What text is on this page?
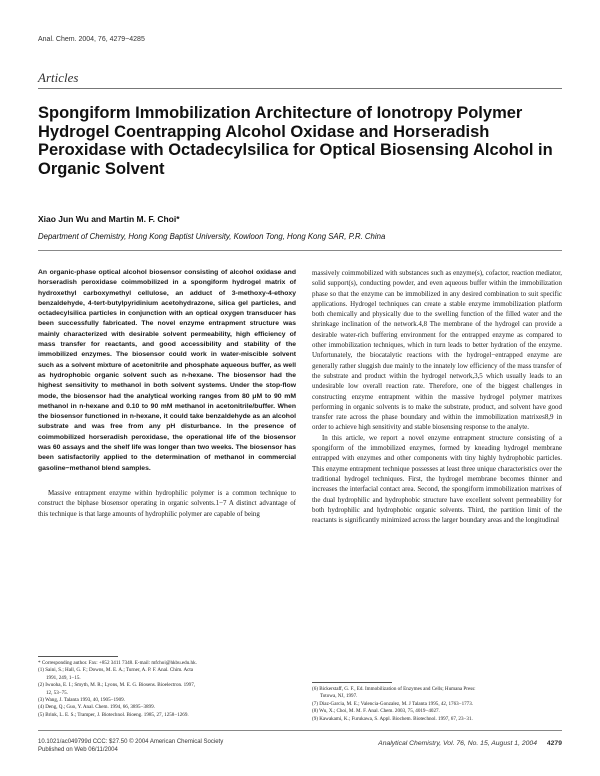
Anal. Chem. 2004, 76, 4279−4285
Articles
Spongiform Immobilization Architecture of Ionotropy Polymer Hydrogel Coentrapping Alcohol Oxidase and Horseradish Peroxidase with Octadecylsilica for Optical Biosensing Alcohol in Organic Solvent
Xiao Jun Wu and Martin M. F. Choi*
Department of Chemistry, Hong Kong Baptist University, Kowloon Tong, Hong Kong SAR, P.R. China

An organic-phase optical alcohol biosensor consisting of alcohol oxidase and horseradish peroxidase coimmobilized in a spongiform hydrogel matrix of hydroxethyl carboxymethyl cellulose, an adduct of 3-methoxy-4-ethoxy benzaldehyde, 4-tert-butylpyridinium acetohydrazone, silica gel particles, and octadecylsilica particles in conjunction with an optical oxygen transducer has been successfully fabricated. The novel enzyme entrapment structure was mainly characterized with desirable solvent permeability, high efficiency of mass transfer for reactants, and good accessibility and stability of the immobilized enzymes. The biosensor could work in water-miscible solvent such as a solvent mixture of acetonitrile and phosphate aqueous buffer, as well as hydrophobic organic solvent such as n-hexane. The biosensor had the highest sensitivity to methanol in both solvent systems. Under the stop-flow mode, the biosensor had the analytical working ranges from 80 μM to 90 mM methanol in n-hexane and 0.10 to 90 mM methanol in acetonitrile/buffer. When the biosensor functioned in n-hexane, it could take benzaldehyde as an alcohol substrate and was free from any pH disturbance. In the presence of coimmobilized horseradish peroxidase, the operational life of the biosensor was 60 assays and the shelf life was longer than two weeks. The biosensor has been satisfactorily applied to the determination of methanol in commercial gasoline−methanol blend samples.

Massive entrapment enzyme within hydrophilic polymer is a common technique to construct the biphase biosensor operating in organic solvents.1−7 A distinct advantage of this technique is that large amounts of hydrophilic polymer are capable of being

* Corresponding author. Fax: +852 3411 7348. E-mail: mfchoi@hkbu.edu.hk.
(1) Saini, S.; Hall, G. F.; Downs, M. E. A.; Turner, A. P. F. Anal. Chim. Acta
1991, 249, 1−15.
(2) Iwuoha, E. I.; Smyth, M. R.; Lyons, M. E. G. Biosens. Bioelectron. 1997,
12, 53−75.
(3) Wang, J. Talanta 1993, 40, 1905−1909.
(4) Deng, Q.; Guo, Y. Anal. Chem. 1994, 66, 3895−3899.
(5) Brink, L. E. S.; Tramper, J. Biotechnol. Bioeng. 1985, 27, 1258−1269.

massively coimmobilized with substances such as enzyme(s), cofactor, reaction mediator, solid support(s), conducting powder, and even aqueous buffer within the immobilization phase so that the enzyme can be immobilized in any desired combination to suit specific applications. Hydrogel techniques can create a stable enzyme immobilization platform both chemically and physically due to the swelling function of the filled water and the shrinkage inclination of the network.4,8 The membrane of the hydrogel can provide a desirable water-rich buffering environment for the entrapped enzyme as compared to other immobilization techniques, which in turn leads to better hydration of the enzyme. Unfortunately, the biocatalytic reactions with the hydrogel−entrapped enzyme are generally rather sluggish due mainly to the innately low efficiency of the mass transfer of the substrate and product within the hydrogel network,3,5 which usually leads to an undesirable low overall reaction rate. Therefore, one of the biggest challenges in constructing enzyme entrapment within the massive hydrogel polymer matrixes performing in organic solvents is to make the substrate, product, and solvent have good transfer rate across the phase boundary and within the immobilization matrixes8,9 in order to achieve high sensitivity and stable biosensing response to the analyte.

In this article, we report a novel enzyme entrapment structure consisting of a spongiform of the immobilized enzymes, formed by kneading hydrogel membrane entrapped with enzymes and other components with tiny highly hydrophobic particles. This enzyme entrapment technique possesses at least three unique characteristics over the traditional hydrogel techniques. First, the hydrogel membrane becomes thinner and increases the interfacial contact area. Second, the spongiform immobilization matrixes of the dual hydrophilic and hydrophobic structure have excellent solvent permeability for both hydrophilic and hydrophobic organic solvents. Third, the partition limit of the reactants is significantly minimized across the larger boundary areas and the longitudinal

(6) Bickerstaff, G. F., Ed. Immobilization of Enzymes and Cells; Humana Press:
Totowa, NJ, 1997.
(7) Diaz-Garcia, M. E.; Valencia-Gonzalez, M. J Talanta 1995, 42, 1763−1773.
(8) Wu, X.; Choi, M. M. F. Anal. Chem. 2003, 75, 4019−4027.
(9) Kawakami, K.; Furukawa, S. Appl. Biochem. Biotechnol. 1997, 67, 23−31.
10.1021/ac049799d CCC: $27.50 © 2004 American Chemical Society
Published on Web 06/11/2004
Analytical Chemistry, Vol. 76, No. 15, August 1, 2004 4279
